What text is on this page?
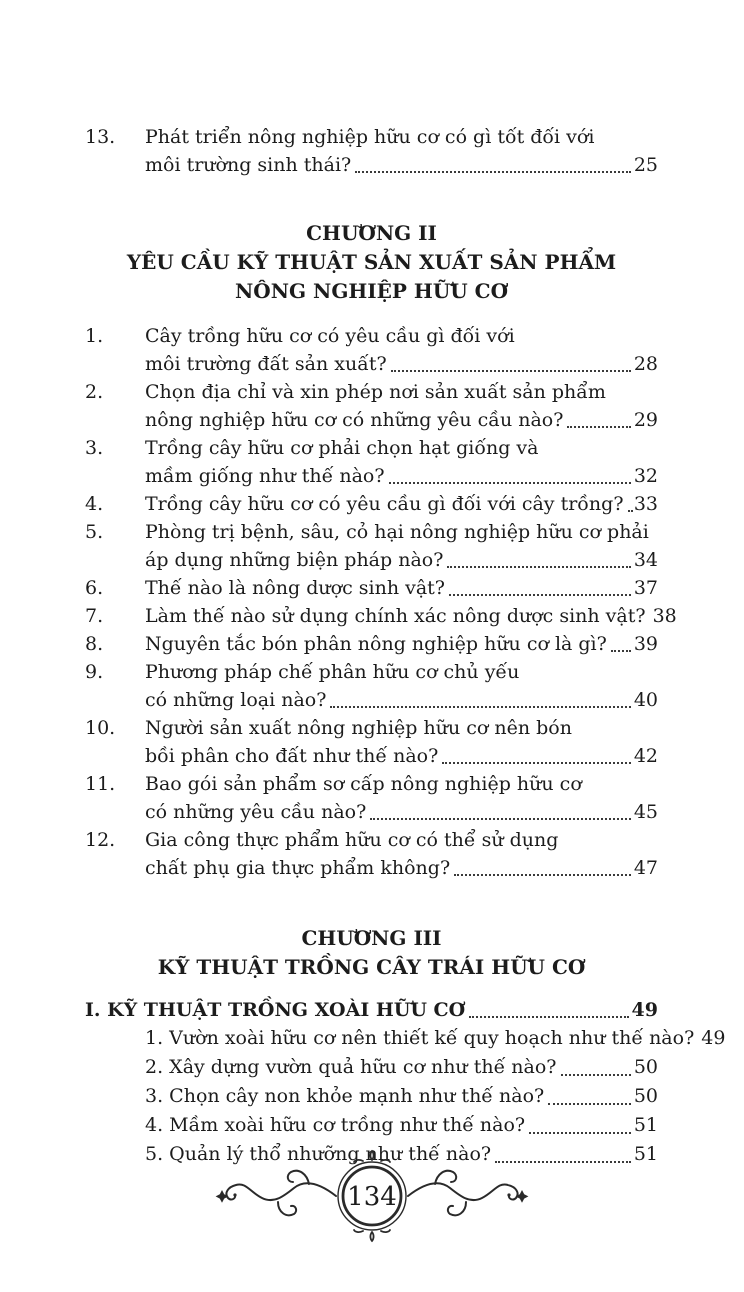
13.	Phát triển nông nghiệp hữu cơ có gì tốt đối với
môi trường sinh thái?	25
CHƯƠNG II
YÊU CẦU KỸ THUẬT SẢN XUẤT SẢN PHẨM
NÔNG NGHIỆP HỮU CƠ
1.	Cây trồng hữu cơ có yêu cầu gì đối với
môi trường đất sản xuất?	28
2.	Chọn địa chỉ và xin phép nơi sản xuất sản phẩm
nông nghiệp hữu cơ có những yêu cầu nào?	29
3.	Trồng cây hữu cơ phải chọn hạt giống và
mầm giống như thế nào?	32
4.	Trồng cây hữu cơ có yêu cầu gì đối với cây trồng? 33
5.	Phòng trị bệnh, sâu, cỏ hại nông nghiệp hữu cơ phải
áp dụng những biện pháp nào?	34
6.	Thế nào là nông dược sinh vật?	37
7.	Làm thế nào sử dụng chính xác nông dược sinh vật? 38
8.	Nguyên tắc bón phân nông nghiệp hữu cơ là gì? 39
9.	Phương pháp chế phân hữu cơ chủ yếu
có những loại nào?	40
10.	Người sản xuất nông nghiệp hữu cơ nên bón
bồi phân cho đất như thế nào?	42
11.	Bao gói sản phẩm sơ cấp nông nghiệp hữu cơ
có những yêu cầu nào?	45
12.	Gia công thực phẩm hữu cơ có thể sử dụng
chất phụ gia thực phẩm không?	47
CHƯƠNG III
KỸ THUẬT TRỒNG CÂY TRÁI HỮU CƠ
I. KỸ THUẬT TRỒNG XOÀI HỮU CƠ	49
1. Vườn xoài hữu cơ nên thiết kế quy hoạch như thế nào? 49
2. Xây dựng vườn quả hữu cơ như thế nào?	50
3. Chọn cây non khỏe mạnh như thế nào?	50
4. Mầm xoài hữu cơ trồng như thế nào?	51
5. Quản lý thổ nhưỡng như thế nào?	51
134
